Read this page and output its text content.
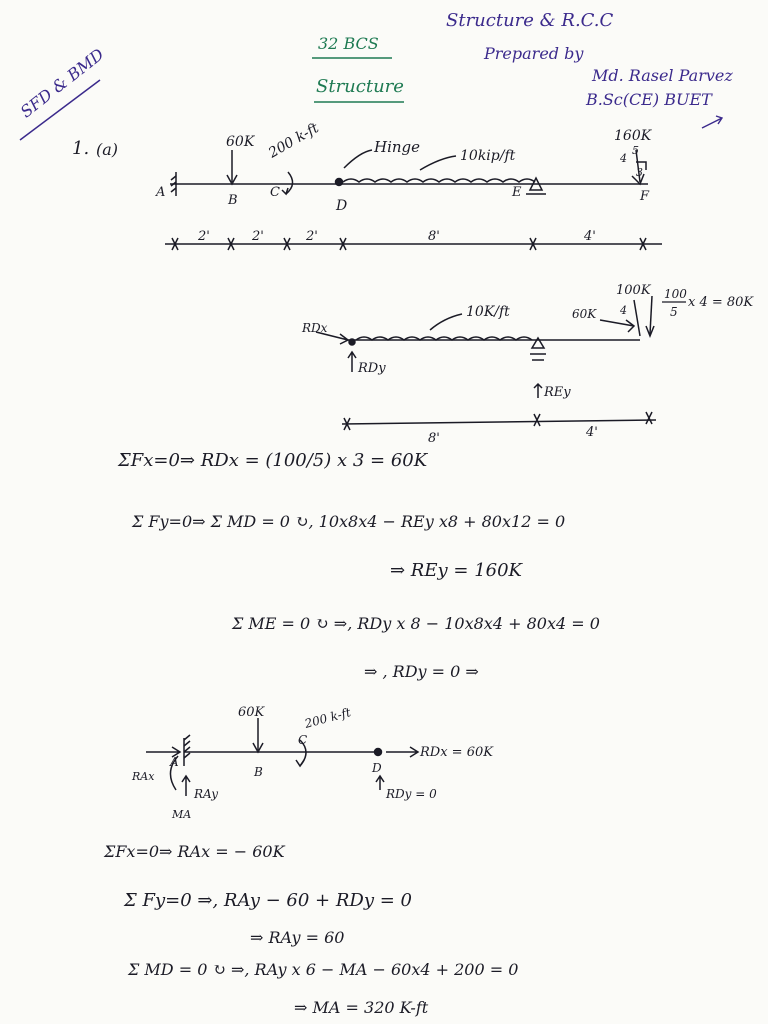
32 BCS
Structure
Structure & R.C.C
Prepared by
Md. Rasel Parvez
B.Sc(CE) BUET
SFD & BMD
A
B
C
D
E	F
60K 200 k-ft	Hinge	10kip/ft
160K
4
5
3
2'	2'	2'	8'	4'
10K/ft
100K
60K 4
100
5
x 4 = 80K
RDx
RDy
REy
8'	4'
60K	200 k-ft
A
B
C
D
RAx
RAy
MA
RDx = 60K
RDy = 0
1. (a)
ΣFx=0⇒ RDx = (100/5) x 3 = 60K
Σ Fy=0⇒ Σ MD = 0 ↻, 10x8x4 − REy x8 + 80x12 = 0
⇒ REy = 160K
Σ ME = 0 ↻ ⇒, RDy x 8 − 10x8x4 + 80x4 = 0
⇒ , RDy = 0 ⇒
ΣFx=0⇒ RAx = − 60K
Σ Fy=0 ⇒, RAy − 60 + RDy = 0
⇒ RAy = 60
Σ MD = 0 ↻ ⇒, RAy x 6 − MA − 60x4 + 200 = 0
⇒ MA = 320 K-ft
